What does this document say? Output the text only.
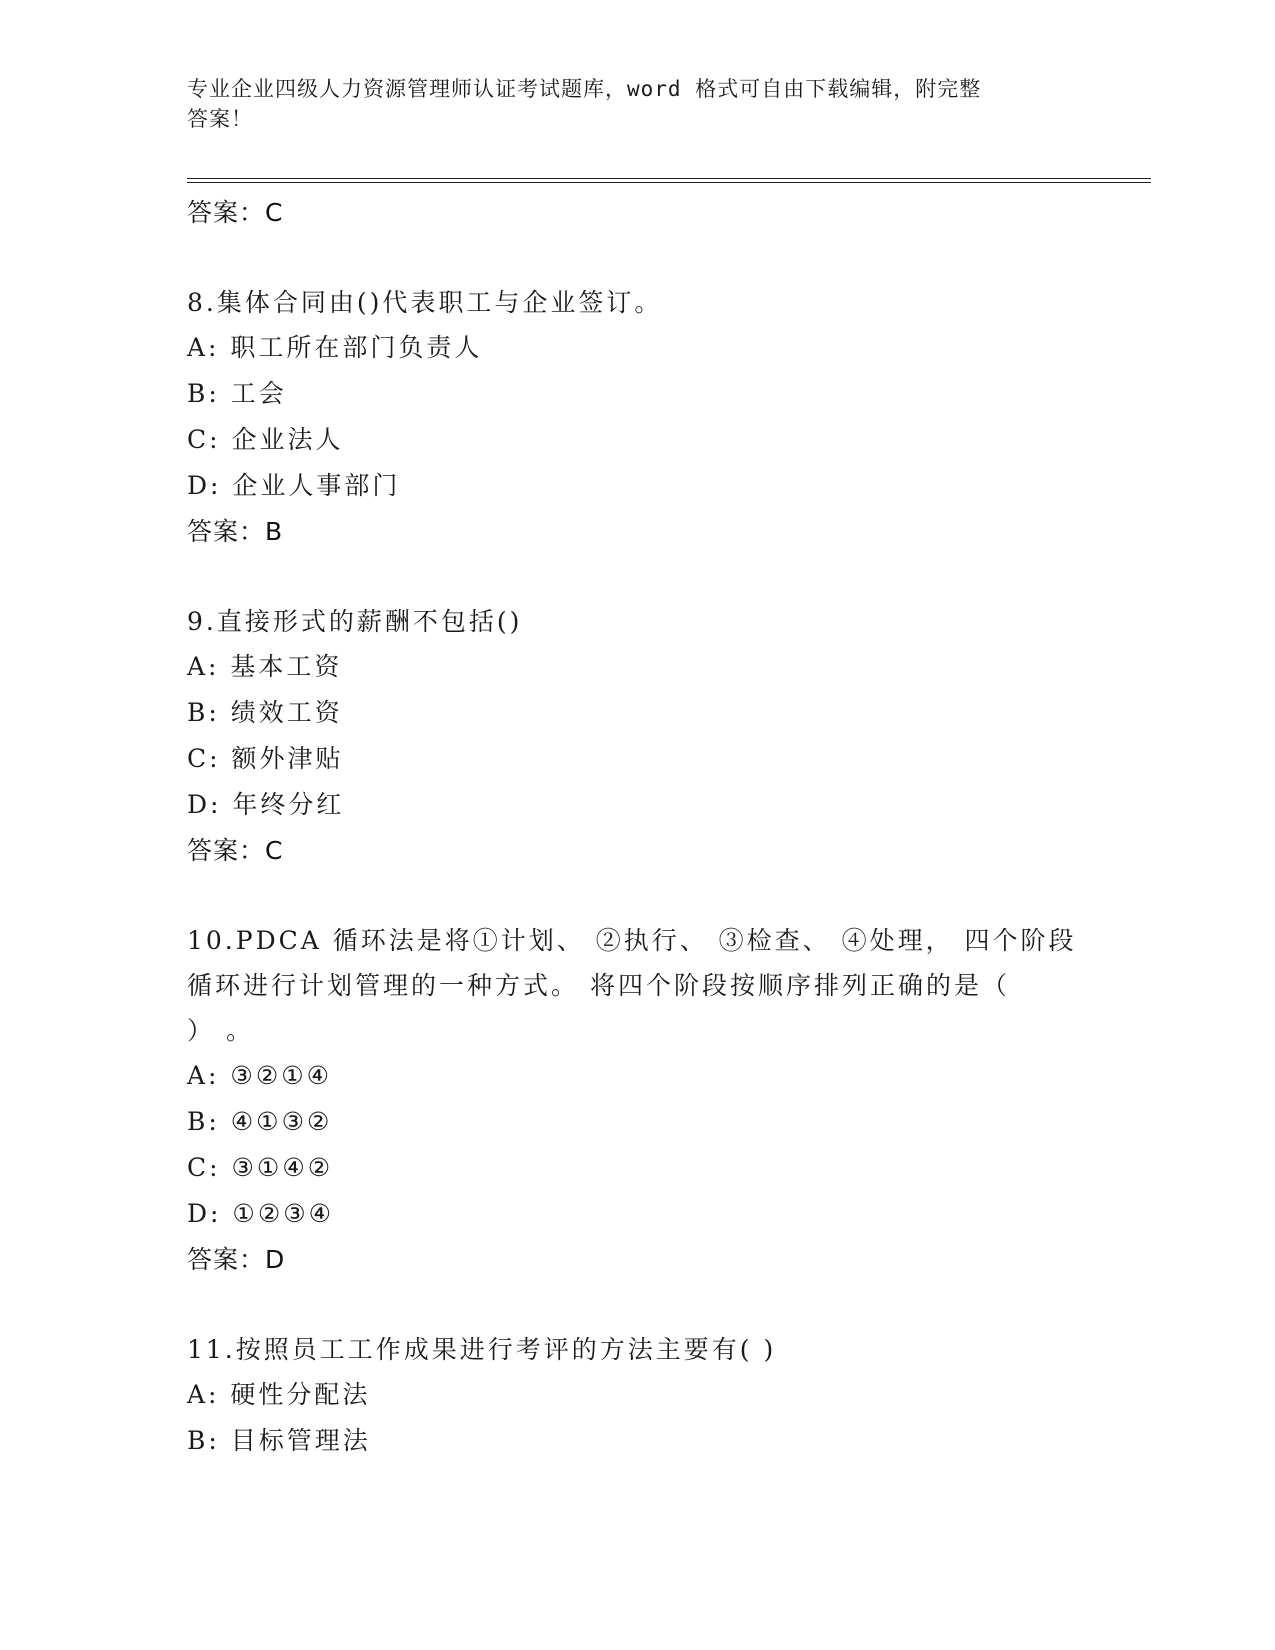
专业企业四级人力资源管理师认证考试题库，word 格式可自由下载编辑，附完整
答案！
答案：C
8.集体合同由()代表职工与企业签订。
A: 职工所在部门负责人
B: 工会
C: 企业法人
D: 企业人事部门
答案：B
9.直接形式的薪酬不包括()
A: 基本工资
B: 绩效工资
C: 额外津贴
D: 年终分红
答案：C
10.PDCA 循环法是将①计划、 ②执行、 ③检查、 ④处理， 四个阶段
循环进行计划管理的一种方式。 将四个阶段按顺序排列正确的是（
） 。
A: ③②①④
B: ④①③②
C: ③①④②
D: ①②③④
答案：D
11.按照员工工作成果进行考评的方法主要有( )
A: 硬性分配法
B: 目标管理法
